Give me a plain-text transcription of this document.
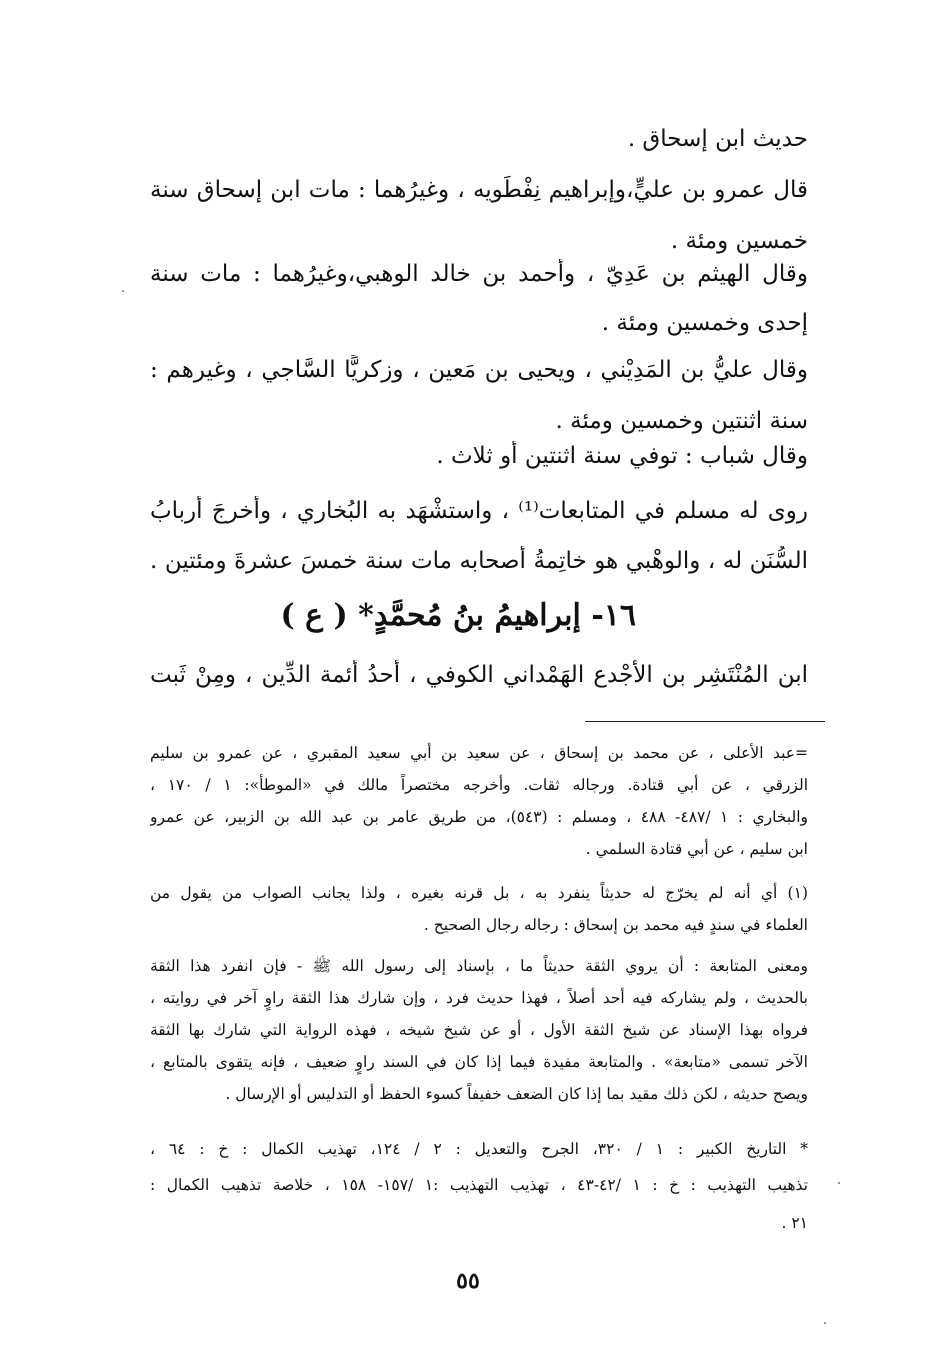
حديث ابن إسحاق .
قال عمرو بن عليٍّ،وإبراهيم نِفْطَويه ، وغيرُهما : مات ابن إسحاق سنة
خمسين ومئة .
وقال الهيثم بن عَدِيّ ، وأحمد بن خالد الوهبي،وغيرُهما : مات سنة
إحدى وخمسين ومئة .
وقال عليُّ بن المَدِيْني ، ويحيى بن مَعين ، وزكريًّا السَّاجي ، وغيرهم :
سنة اثنتين وخمسين ومئة .
وقال شباب : توفي سنة اثنتين أو ثلاث .
روى له مسلم في المتابعات⁽¹⁾ ، واستشْهَد به البُخاري ، وأخرجَ أربابُ
السُّنَن له ، والوهْبي هو خاتِمةُ أصحابه مات سنة خمسَ عشرةَ ومئتين .
١٦- إبراهيمُ بنُ مُحمَّدٍ* ( ع )
ابن المُنْتَشِر بن الأَجْدع الهَمْداني الكوفي ، أحدُ أئمة الدِّين ، ومِنْ ثَبت
=عبد الأعلى ، عن محمد بن إسحاق ، عن سعيد بن أبي سعيد المقبري ، عن عمرو بن سليم
الزرقي ، عن أبي قتادة. ورجاله ثقات. وأخرجه مختصراً مالك في «الموطأ»: ١ / ١٧٠ ،
والبخاري : ١ /٤٨٧- ٤٨٨ ، ومسلم : (٥٤٣)، من طريق عامر بن عبد الله بن الزبير، عن عمرو
ابن سليم ، عن أبي قتادة السلمي .
(١) أي أنه لم يخرّج له حديثاً ينفرد به ، بل قرنه بغيره ، ولذا يجانب الصواب من يقول من
العلماء في سندٍ فيه محمد بن إسحاق : رجاله رجال الصحيح .
ومعنى المتابعة : أن يروي الثقة حديثاً ما ، بإسناد إلى رسول الله ﷺ - فإن انفرد هذا الثقة
بالحديث ، ولم يشاركه فيه أحد أصلاً ، فهذا حديث فرد ، وإن شارك هذا الثقة راوٍ آخر في روايته ،
فرواه بهذا الإسناد عن شيخ الثقة الأول ، أو عن شيخ شيخه ، فهذه الرواية التي شارك بها الثقة
الآخر تسمى «متابعة» . والمتابعة مفيدة فيما إذا كان في السند راوٍ ضعيف ، فإنه يتقوى بالمتابع ،
ويصح حديثه ، لكن ذلك مقيد بما إذا كان الضعف خفيفاً كسوء الحفظ أو التدليس أو الإرسال .
* التاريخ الكبير : ١ / ٣٢٠، الجرح والتعديل : ٢ / ١٢٤، تهذيب الكمال : خ : ٦٤ ،
تذهيب التهذيب : خ : ١ /٤٢-٤٣ ، تهذيب التهذيب :١ /١٥٧- ١٥٨ ، خلاصة تذهيب الكمال :
٢١ .
٥٥
